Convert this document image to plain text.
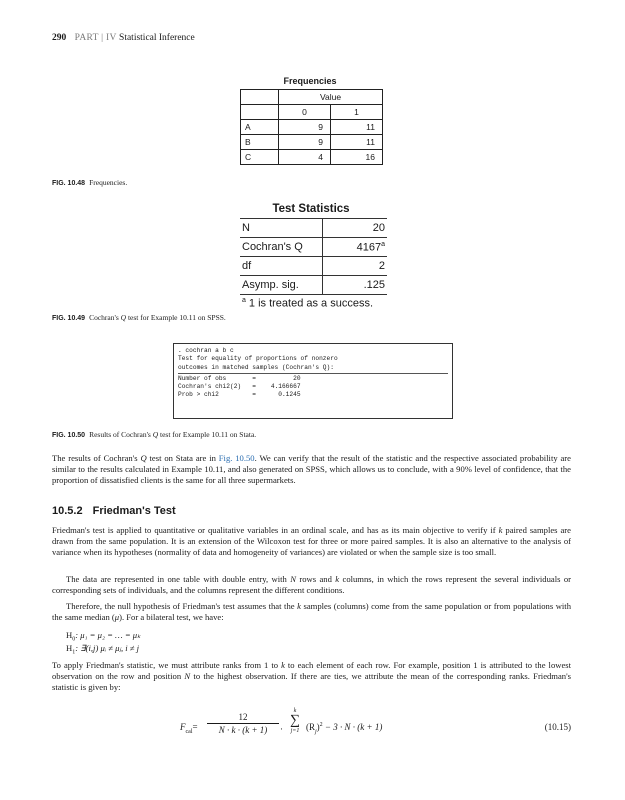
290 PART | IV Statistical Inference
Frequencies
	Value	
	0	1
A	9	11
B	9	11
C	4	16
FIG. 10.48 Frequencies.
Test Statistics
N	20
Cochran's Q	4167$^a$
df	2
Asymp. sig.	.125
$^a$ 1 is treated as a success.
FIG. 10.49 Cochran's Q test for Example 10.11 on SPSS.
. cochran a b c
Test for equality of proportions of nonzero
outcomes in matched samples (Cochran's Q):
Number of obs       =          20
Cochran's chi2(2)   =    4.166667
Prob > chi2         =      0.1245
FIG. 10.50 Results of Cochran's Q test for Example 10.11 on Stata.
The results of Cochran's Q test on Stata are in Fig. 10.50. We can verify that the result of the statistic and the respective associated probability are similar to the results calculated in Example 10.11, and also generated on SPSS, which allows us to conclude, with a 90% level of confidence, that the proportion of dissatisfied clients is the same for all three supermarkets.
10.5.2 Friedman's Test
Friedman's test is applied to quantitative or qualitative variables in an ordinal scale, and has as its main objective to verify if k paired samples are drawn from the same population. It is an extension of the Wilcoxon test for three or more paired samples. It is also an alternative to the analysis of variance when its hypotheses (normality of data and homogeneity of variances) are violated or when the sample size is too small.
The data are represented in one table with double entry, with N rows and k columns, in which the rows represent the several individuals or corresponding sets of individuals, and the columns represent the different conditions.
Therefore, the null hypothesis of Friedman's test assumes that the k samples (columns) come from the same population or from populations with the same median (μ). For a bilateral test, we have:
$H_0$: μ₁ = μ₂ = … = μₖ
$H_1$: ∃(i,j) μᵢ ≠ μⱼ, i ≠ j
To apply Friedman's statistic, we must attribute ranks from 1 to k to each element of each row. For example, position 1 is attributed to the lowest observation on the row and position N to the highest observation. If there are ties, we attribute the mean of the corresponding ranks. Friedman's statistic is given by:
$F_{cal}= \frac{12}{N \cdot k \cdot (k + 1)}$ ·
k
∑
j=1 $(R_j)^2 - 3 \cdot N \cdot (k + 1)$	(10.15)
